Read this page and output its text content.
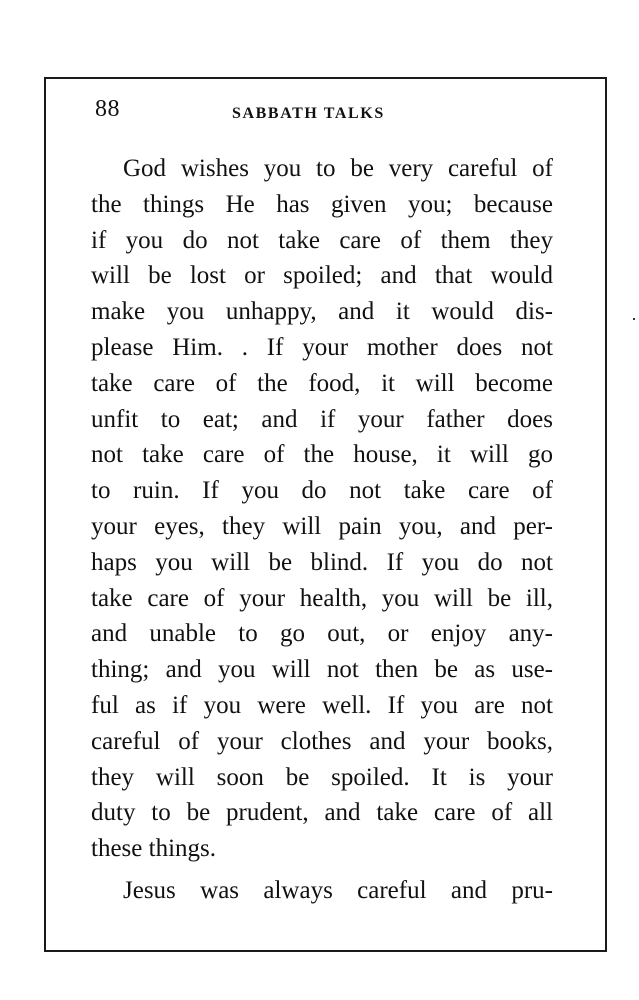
88	SABBATH TALKS
God wishes you to be very careful of
the things He has given you; because
if you do not take care of them they
will be lost or spoiled; and that would
make you unhappy, and it would dis-
please Him. . If your mother does not
take care of the food, it will become
unfit to eat; and if your father does
not take care of the house, it will go
to ruin. If you do not take care of
your eyes, they will pain you, and per-
haps you will be blind. If you do not
take care of your health, you will be ill,
and unable to go out, or enjoy any-
thing; and you will not then be as use-
ful as if you were well. If you are not
careful of your clothes and your books,
they will soon be spoiled. It is your
duty to be prudent, and take care of all
these things.
Jesus was always careful and pru-
